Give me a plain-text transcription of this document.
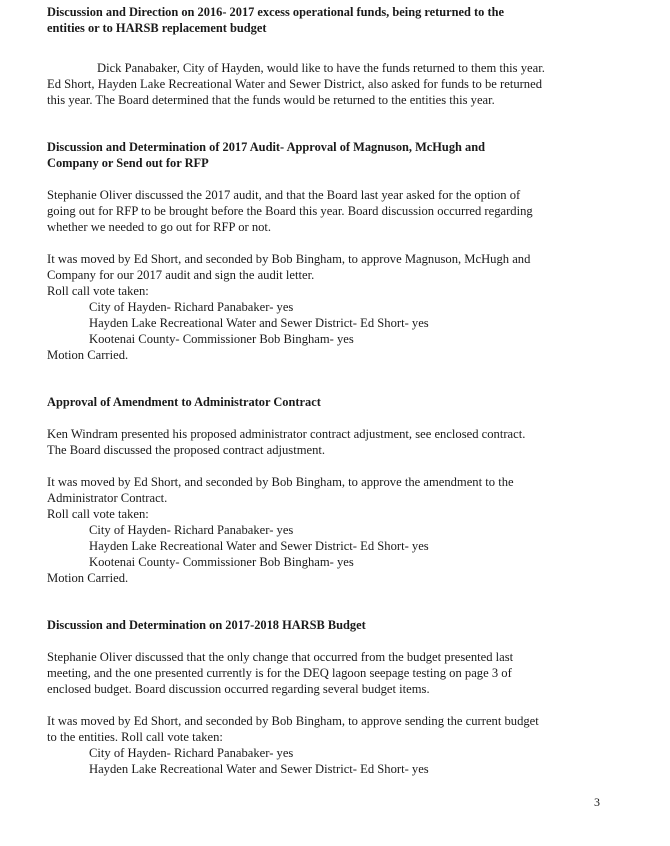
Discussion and Direction on 2016- 2017 excess operational funds, being returned to the
entities or to HARSB replacement budget

Dick Panabaker, City of Hayden, would like to have the funds returned to them this year.
Ed Short, Hayden Lake Recreational Water and Sewer District, also asked for funds to be returned
this year. The Board determined that the funds would be returned to the entities this year.

Discussion and Determination of 2017 Audit- Approval of Magnuson, McHugh and
Company or Send out for RFP

Stephanie Oliver discussed the 2017 audit, and that the Board last year asked for the option of
going out for RFP to be brought before the Board this year. Board discussion occurred regarding
whether we needed to go out for RFP or not.

It was moved by Ed Short, and seconded by Bob Bingham, to approve Magnuson, McHugh and
Company for our 2017 audit and sign the audit letter.
Roll call vote taken:

City of Hayden- Richard Panabaker- yes

Hayden Lake Recreational Water and Sewer District- Ed Short- yes

Kootenai County- Commissioner Bob Bingham- yes

Motion Carried.

Approval of Amendment to Administrator Contract

Ken Windram presented his proposed administrator contract adjustment, see enclosed contract.
The Board discussed the proposed contract adjustment.

It was moved by Ed Short, and seconded by Bob Bingham, to approve the amendment to the
Administrator Contract.
Roll call vote taken:

City of Hayden- Richard Panabaker- yes

Hayden Lake Recreational Water and Sewer District- Ed Short- yes

Kootenai County- Commissioner Bob Bingham- yes

Motion Carried.

Discussion and Determination on 2017-2018 HARSB Budget

Stephanie Oliver discussed that the only change that occurred from the budget presented last
meeting, and the one presented currently is for the DEQ lagoon seepage testing on page 3 of
enclosed budget. Board discussion occurred regarding several budget items.

It was moved by Ed Short, and seconded by Bob Bingham, to approve sending the current budget
to the entities. Roll call vote taken:

City of Hayden- Richard Panabaker- yes

Hayden Lake Recreational Water and Sewer District- Ed Short- yes

3
